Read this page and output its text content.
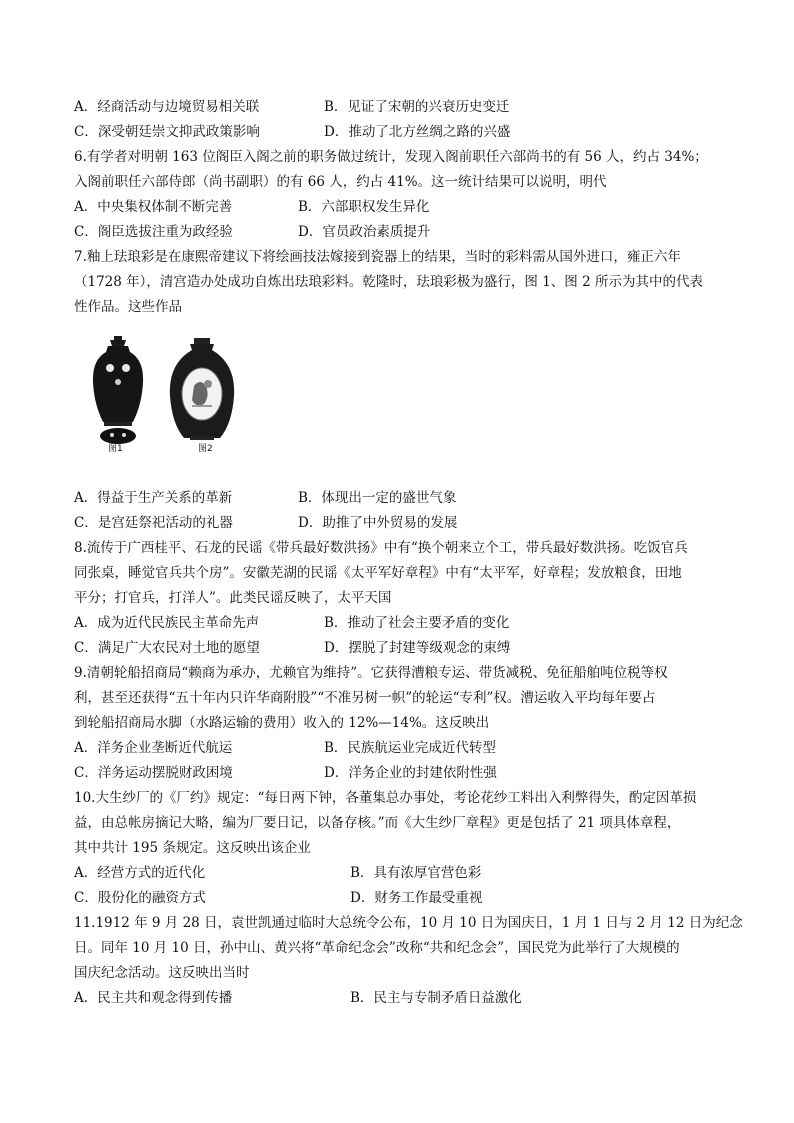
A．经商活动与边境贸易相关联	B．见证了宋朝的兴衰历史变迁
C．深受朝廷崇文抑武政策影响	D．推动了北方丝绸之路的兴盛
6.有学者对明朝 163 位阁臣入阁之前的职务做过统计，发现入阁前职任六部尚书的有 56 人，约占 34%；
入阁前职任六部侍郎（尚书副职）的有 66 人，约占 41%。这一统计结果可以说明，明代
A．中央集权体制不断完善	B．六部职权发生异化
C．阁臣选拔注重为政经验	D．官员政治素质提升
7.釉上珐琅彩是在康熙帝建议下将绘画技法嫁接到瓷器上的结果，当时的彩料需从国外进口，雍正六年
（1728 年），清宫造办处成功自炼出珐琅彩料。乾隆时，珐琅彩极为盛行，图 1、图 2 所示为其中的代表
性作品。这些作品
图1	图2
A．得益于生产关系的革新	B．体现出一定的盛世气象
C．是宫廷祭祀活动的礼器	D．助推了中外贸易的发展
8.流传于广西桂平、石龙的民谣《带兵最好数洪扬》中有“换个朝来立个工，带兵最好数洪扬。吃饭官兵
同张桌，睡觉官兵共个房”。安徽芜湖的民谣《太平军好章程》中有“太平军，好章程；发放粮食，田地
平分；打官兵，打洋人”。此类民谣反映了，太平天国
A．成为近代民族民主革命先声	B．推动了社会主要矛盾的变化
C．满足广大农民对土地的愿望	D．摆脱了封建等级观念的束缚
9.清朝轮船招商局“赖商为承办，尤赖官为维持”。它获得漕粮专运、带货减税、免征船舶吨位税等权
利，甚至还获得“五十年内只许华商附股”“不准另树一帜”的轮运“专利”权。漕运收入平均每年要占
到轮船招商局水脚（水路运输的费用）收入的 12%—14%。这反映出
A．洋务企业垄断近代航运	B．民族航运业完成近代转型
C．洋务运动摆脱财政困境	D．洋务企业的封建依附性强
10.大生纱厂的《厂约》规定：“每日两下钟，各董集总办事处，考论花纱工料出入利弊得失，酌定因革损
益，由总帐房摘记大略，编为厂要日记，以备存核。”而《大生纱厂章程》更是包括了 21 项具体章程，
其中共计 195 条规定。这反映出该企业
A．经营方式的近代化	B．具有浓厚官营色彩
C．股份化的融资方式	D．财务工作最受重视
11.1912 年 9 月 28 日，袁世凯通过临时大总统令公布，10 月 10 日为国庆日，1 月 1 日与 2 月 12 日为纪念
日。同年 10 月 10 日，孙中山、黄兴将“革命纪念会”改称“共和纪念会”，国民党为此举行了大规模的
国庆纪念活动。这反映出当时
A．民主共和观念得到传播	B．民主与专制矛盾日益激化
